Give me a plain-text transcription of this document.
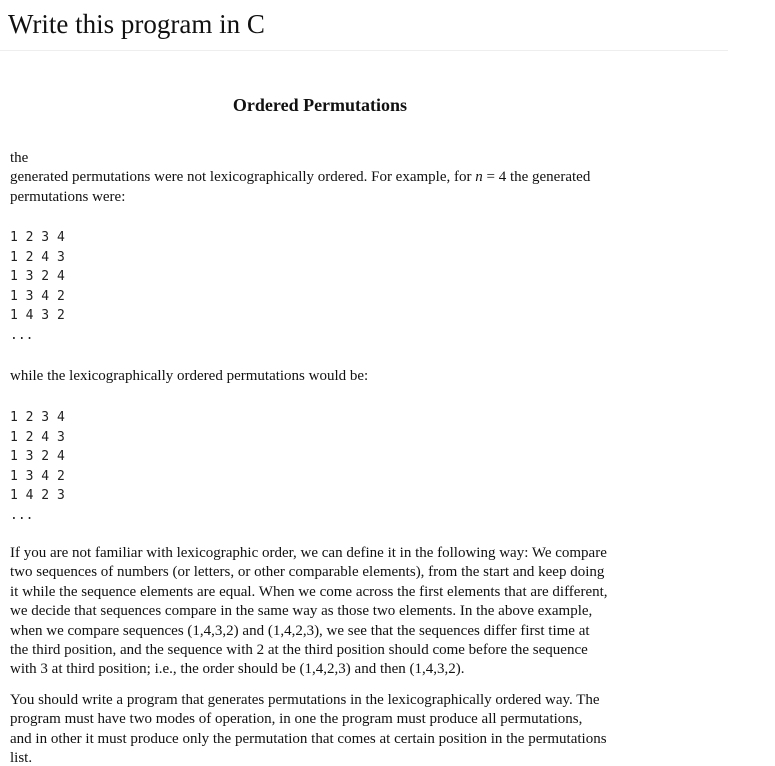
Write this program in C
Ordered Permutations

the
generated permutations were not lexicographically ordered. For example, for n = 4 the generated
permutations were:

1 2 3 4
1 2 4 3
1 3 2 4
1 3 4 2
1 4 3 2
...

while the lexicographically ordered permutations would be:

1 2 3 4
1 2 4 3
1 3 2 4
1 3 4 2
1 4 2 3
...

If you are not familiar with lexicographic order, we can define it in the following way: We compare
two sequences of numbers (or letters, or other comparable elements), from the start and keep doing
it while the sequence elements are equal. When we come across the first elements that are different,
we decide that sequences compare in the same way as those two elements. In the above example,
when we compare sequences (1,4,3,2) and (1,4,2,3), we see that the sequences differ first time at
the third position, and the sequence with 2 at the third position should come before the sequence
with 3 at third position; i.e., the order should be (1,4,2,3) and then (1,4,3,2).

You should write a program that generates permutations in the lexicographically ordered way. The
program must have two modes of operation, in one the program must produce all permutations,
and in other it must produce only the permutation that comes at certain position in the permutations
list.
